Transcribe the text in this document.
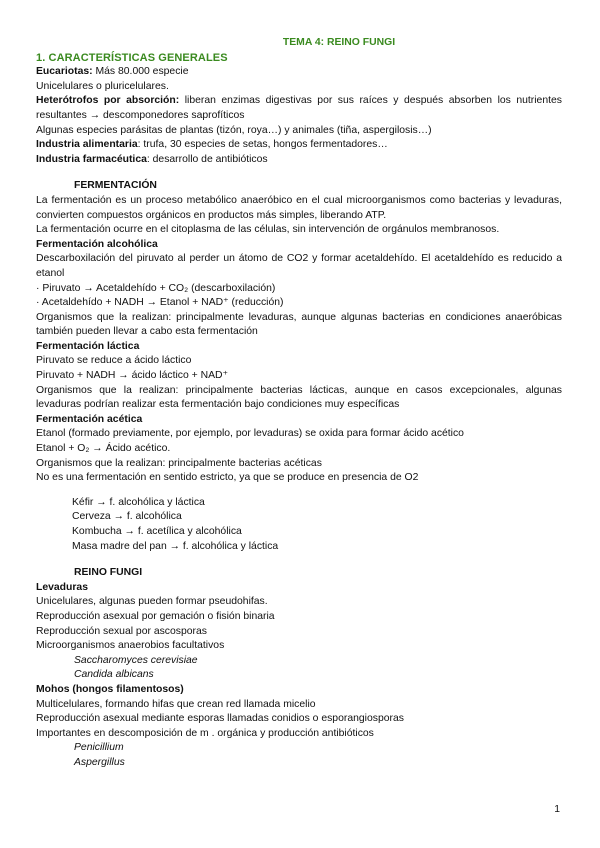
TEMA 4: REINO FUNGI
1. CARACTERÍSTICAS GENERALES
Eucariotas: Más 80.000 especie
Unicelulares o pluricelulares.
Heterótrofos por absorción: liberan enzimas digestivas por sus raíces y después absorben los nutrientes resultantes → descomponedores saprofíticos
Algunas especies parásitas de plantas (tizón, roya…) y animales (tiña, aspergilosis…)
Industria alimentaria: trufa, 30 especies de setas, hongos fermentadores…
Industria farmacéutica: desarrollo de antibióticos
FERMENTACIÓN
La fermentación es un proceso metabólico anaeróbico en el cual microorganismos como bacterias y levaduras, convierten compuestos orgánicos en productos más simples, liberando ATP.
La fermentación ocurre en el citoplasma de las células, sin intervención de orgánulos membranosos.
Fermentación alcohólica
Descarboxilación del piruvato al perder un átomo de CO2 y formar acetaldehído. El acetaldehído es reducido a etanol
· Piruvato → Acetaldehído + CO₂ (descarboxilación)
· Acetaldehído + NADH → Etanol + NAD⁺ (reducción)
Organismos que la realizan: principalmente levaduras, aunque algunas bacterias en condiciones anaeróbicas también pueden llevar a cabo esta fermentación
Fermentación láctica
Piruvato se reduce a ácido láctico
Piruvato + NADH → ácido láctico + NAD⁺
Organismos que la realizan: principalmente bacterias lácticas, aunque en casos excepcionales, algunas levaduras podrían realizar esta fermentación bajo condiciones muy específicas
Fermentación acética
Etanol (formado previamente, por ejemplo, por levaduras) se oxida para formar ácido acético
Etanol + O₂ → Ácido acético.
Organismos que la realizan: principalmente bacterias acéticas
No es una fermentación en sentido estricto, ya que se produce en presencia de O2
Kéfir → f. alcohólica y láctica
Cerveza → f. alcohólica
Kombucha → f. acetílica y alcohólica
Masa madre del pan → f. alcohólica y láctica
REINO FUNGI
Levaduras
Unicelulares, algunas pueden formar pseudohifas.
Reproducción asexual por gemación o fisión binaria
Reproducción sexual por ascosporas
Microorganismos anaerobios facultativos
Saccharomyces cerevisiae
Candida albicans
Mohos (hongos filamentosos)
Multicelulares, formando hifas que crean red llamada micelio
Reproducción asexual mediante esporas llamadas conidios o esporangiosporas
Importantes en descomposición de m . orgánica y producción antibióticos
Penicillium
Aspergillus
1
